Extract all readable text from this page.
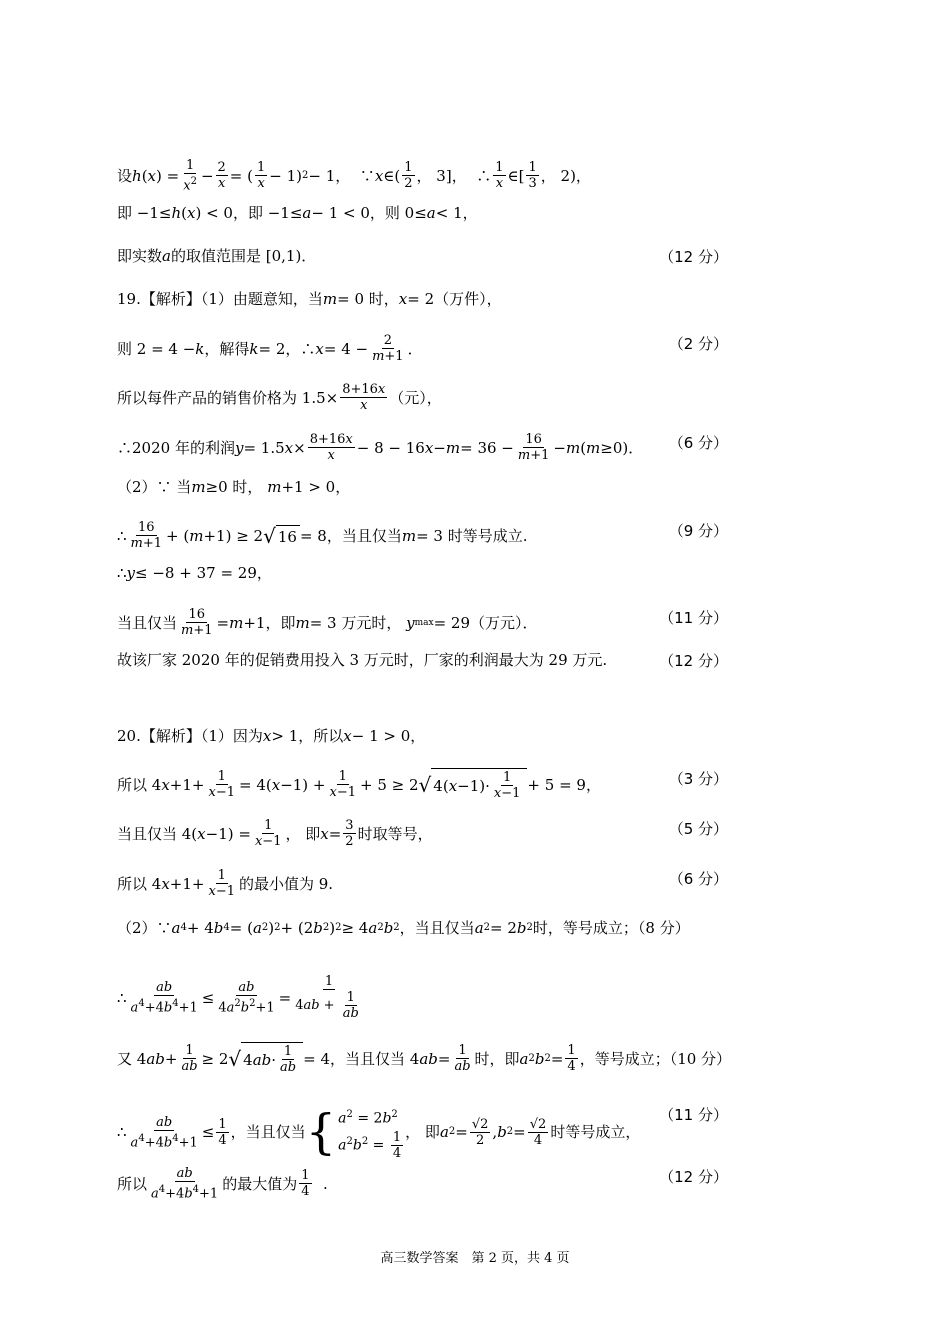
设 h ( x ) = $\frac{1}{x^2} - \frac{2}{x}$ = ( $\frac{1}{x} - 1$) 2 − 1，  ∵ x ∈( $\frac{1}{2}$ ， 3]，  ∴ $\frac{1}{x}$ ∈[ $\frac{1}{3}$ ， 2)，
即 −1≤ h ( x ) < 0，即 −1≤ a − 1 < 0，则 0≤ a < 1，
即实数 a 的取值范围是 [0,1)．	（12 分）
19.【解析】（1）由题意知，当 m = 0 时， x = 2（万件），
则 2 = 4 − k ，解得 k = 2，∴ $x = 4 - \frac{2}{m+1}$ ．	（2 分）
所以每件产品的销售价格为 $1.5\times \frac{8+16x}{x}$ （元），
∴2020 年的利润 y = 1.5 $x \times \frac{8+16x}{x} - 8 - 16$ $x - m = 36 - \frac{16}{m+1} - m$ ( m ≥0)．	（6 分）
（2）∵ 当 m ≥0 时， m +1 > 0，
∴ $\frac{16}{m+1}$ + ( m +1) ≥ 2 √ 16 = 8，当且仅当 m = 3 时等号成立.	（9 分）
∴ y ≤ −8 + 37 = 29，
当且仅当 $\frac{16}{m+1} = m +1$，即 m = 3 万元时， y max = 29（万元）．	（11 分）
故该厂家 2020 年的促销费用投入 3 万元时，厂家的利润最大为 29 万元.	（12 分）
20.【解析】（1）因为 x > 1，所以 x − 1 > 0，
所以 4 $x +1+ \frac{1}{x-1} = 4$( $x -1) + \frac{1}{x-1} + 5 \ge 2$ √ 4( $x -1)\cdot \frac{1}{x-1} + 5 = 9$，	（3 分）
当且仅当 4( $x -1) = \frac{1}{x-1}$ ， 即 $x = \frac{3}{2}$ 时取等号，	（5 分）
所以 4 $x +1+ \frac{1}{x-1}$ 的最小值为 9.	（6 分）
（2）∵ a 4 + 4 b 4 = ( a 2 ) 2 + (2 b 2 ) 2 ≥ 4 a 2 b 2 ，当且仅当 a 2 = 2 b 2 时，等号成立；（8 分）
∴ $\frac{ab}{a^4+4b^4+1} \le \frac{ab}{4a^2b^2+1} = \frac{1}{4ab + \frac{1}{ab}}$
又 4 ab + $\frac{1}{ab} \ge 2$ √ 4 ab · $\frac{1}{ab} = 4$，当且仅当 4 ab = $\frac{1}{ab}$ 时，即 a 2 b $2 = \frac{1}{4}$ ，等号成立；（10 分）
∴ $\frac{ab}{a^4+4b^4+1} \le \frac{1}{4}$ ，当且仅当 { $a^2 = 2b^2$
$a^2b^2 = \frac{1}{4}$ ， 即 a $2 = \frac{√2}{2}$ , b $2 = \frac{√2}{4}$ 时等号成立，
（11 分）
所以 $\frac{ab}{a^4+4b^4+1}$ 的最大值为 $\frac{1}{4}$ .	（12 分）
高三数学答案　第 2 页，共 4 页
